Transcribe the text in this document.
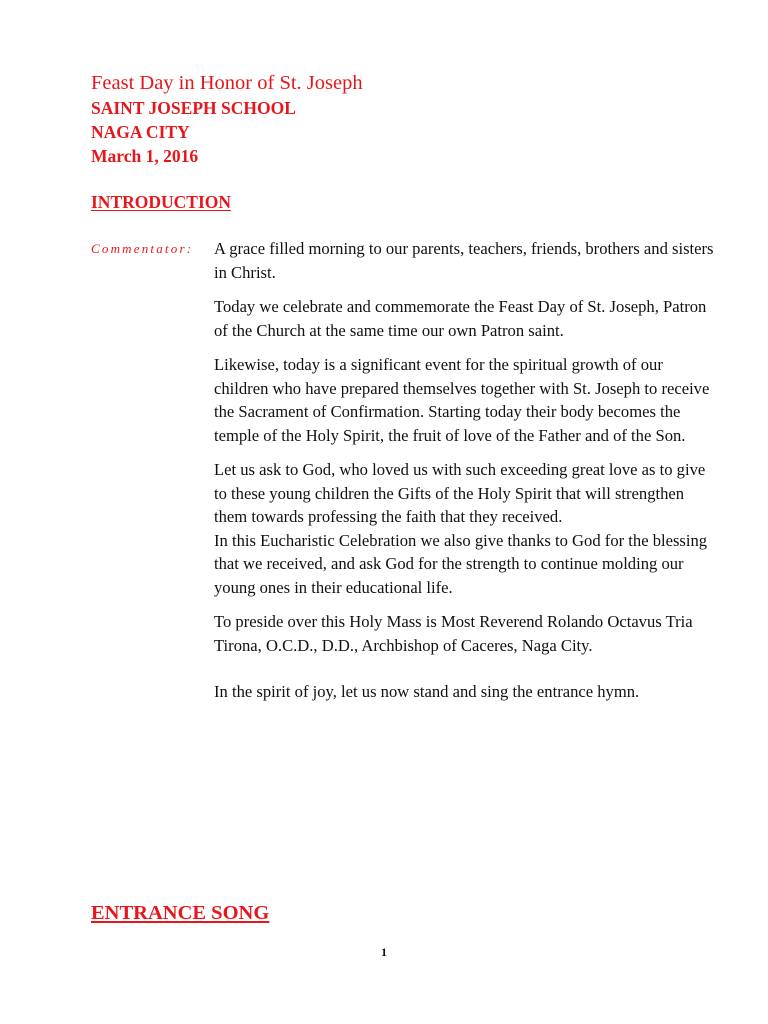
Feast Day in Honor of St. Joseph
SAINT JOSEPH SCHOOL
NAGA CITY
March 1, 2016
INTRODUCTION
Commentator: A grace filled morning to our parents, teachers, friends, brothers and sisters in Christ.

Today we celebrate and commemorate the Feast Day of St. Joseph, Patron of the Church at the same time our own Patron saint.

Likewise, today is a significant event for the spiritual growth of our children who have prepared themselves together with St. Joseph to receive the Sacrament of Confirmation. Starting today their body becomes the temple of the Holy Spirit, the fruit of love of the Father and of the Son.

Let us ask to God, who loved us with such exceeding great love as to give to these young children the Gifts of the Holy Spirit that will strengthen them towards professing the faith that they received.

In this Eucharistic Celebration we also give thanks to God for the blessing that we received, and ask God for the strength to continue molding our young ones in their educational life.

To preside over this Holy Mass is Most Reverend Rolando Octavus Tria Tirona, O.C.D., D.D., Archbishop of Caceres, Naga City.

In the spirit of joy, let us now stand and sing the entrance hymn.

ENTRANCE SONG
1
